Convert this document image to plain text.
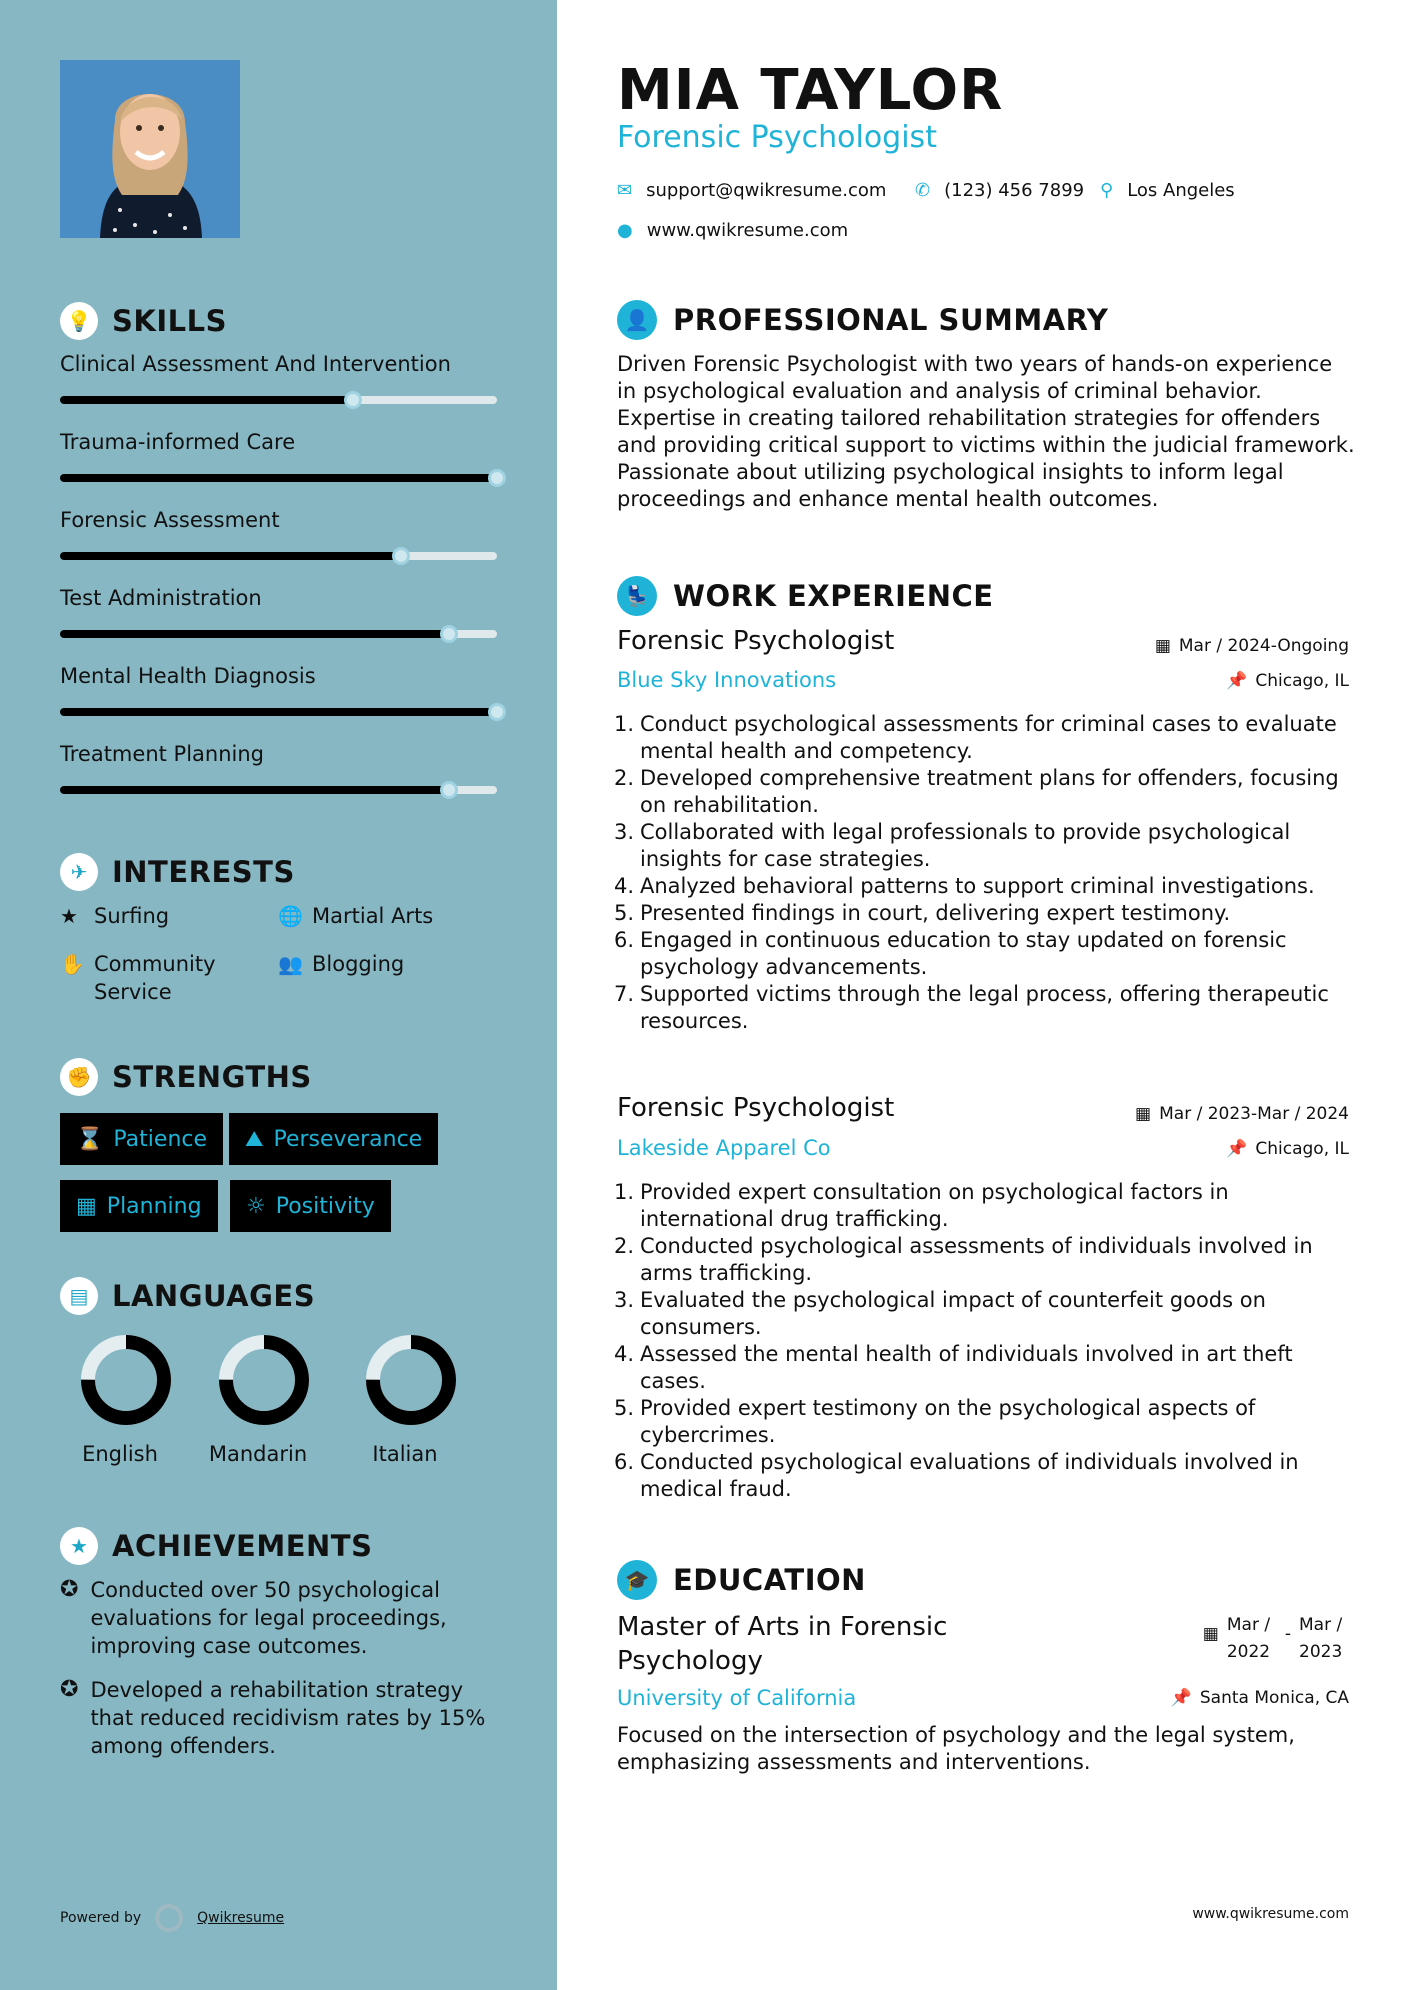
💡 SKILLS
Clinical Assessment And Intervention
Trauma-informed Care
Forensic Assessment
Test Administration
Mental Health Diagnosis
Treatment Planning
✈ INTERESTS
★ Surfing	🌐 Martial Arts
✋ Community Service
👥 Blogging
✊ STRENGTHS
⌛ Patience ⛰ Perseverance
▦ Planning ☼ Positivity
▤ LANGUAGES
English	Mandarin	Italian
★ ACHIEVEMENTS
✪ Conducted over 50 psychological evaluations for legal proceedings, improving case outcomes.
✪ Developed a rehabilitation strategy that reduced recidivism rates by 15% among offenders.
Powered by	Qwikresume
MIA TAYLOR
Forensic Psychologist
✉ support@qwikresume.com ✆ (123) 456 7899 ⚲ Los Angeles
● www.qwikresume.com
👤 PROFESSIONAL SUMMARY
Driven Forensic Psychologist with two years of hands-on experience in psychological evaluation and analysis of criminal behavior. Expertise in creating tailored rehabilitation strategies for offenders and providing critical support to victims within the judicial framework. Passionate about utilizing psychological insights to inform legal proceedings and enhance mental health outcomes.
💺 WORK EXPERIENCE
Forensic Psychologist	▦ Mar / 2024-Ongoing
Blue Sky Innovations	📌 Chicago, IL
1. Conduct psychological assessments for criminal cases to evaluate mental health and competency.
2. Developed comprehensive treatment plans for offenders, focusing on rehabilitation.
3. Collaborated with legal professionals to provide psychological insights for case strategies.
4. Analyzed behavioral patterns to support criminal investigations.
5. Presented findings in court, delivering expert testimony.
6. Engaged in continuous education to stay updated on forensic psychology advancements.
7. Supported victims through the legal process, offering therapeutic resources.
Forensic Psychologist	▦ Mar / 2023-Mar / 2024
Lakeside Apparel Co	📌 Chicago, IL
1. Provided expert consultation on psychological factors in international drug trafficking.
2. Conducted psychological assessments of individuals involved in arms trafficking.
3. Evaluated the psychological impact of counterfeit goods on consumers.
4. Assessed the mental health of individuals involved in art theft cases.
5. Provided expert testimony on the psychological aspects of cybercrimes.
6. Conducted psychological evaluations of individuals involved in medical fraud.
🎓 EDUCATION
Master of Arts in Forensic Psychology
▦ Mar / 2022
- Mar / 2023
University of California	📌 Santa Monica, CA
Focused on the intersection of psychology and the legal system, emphasizing assessments and interventions.
www.qwikresume.com
